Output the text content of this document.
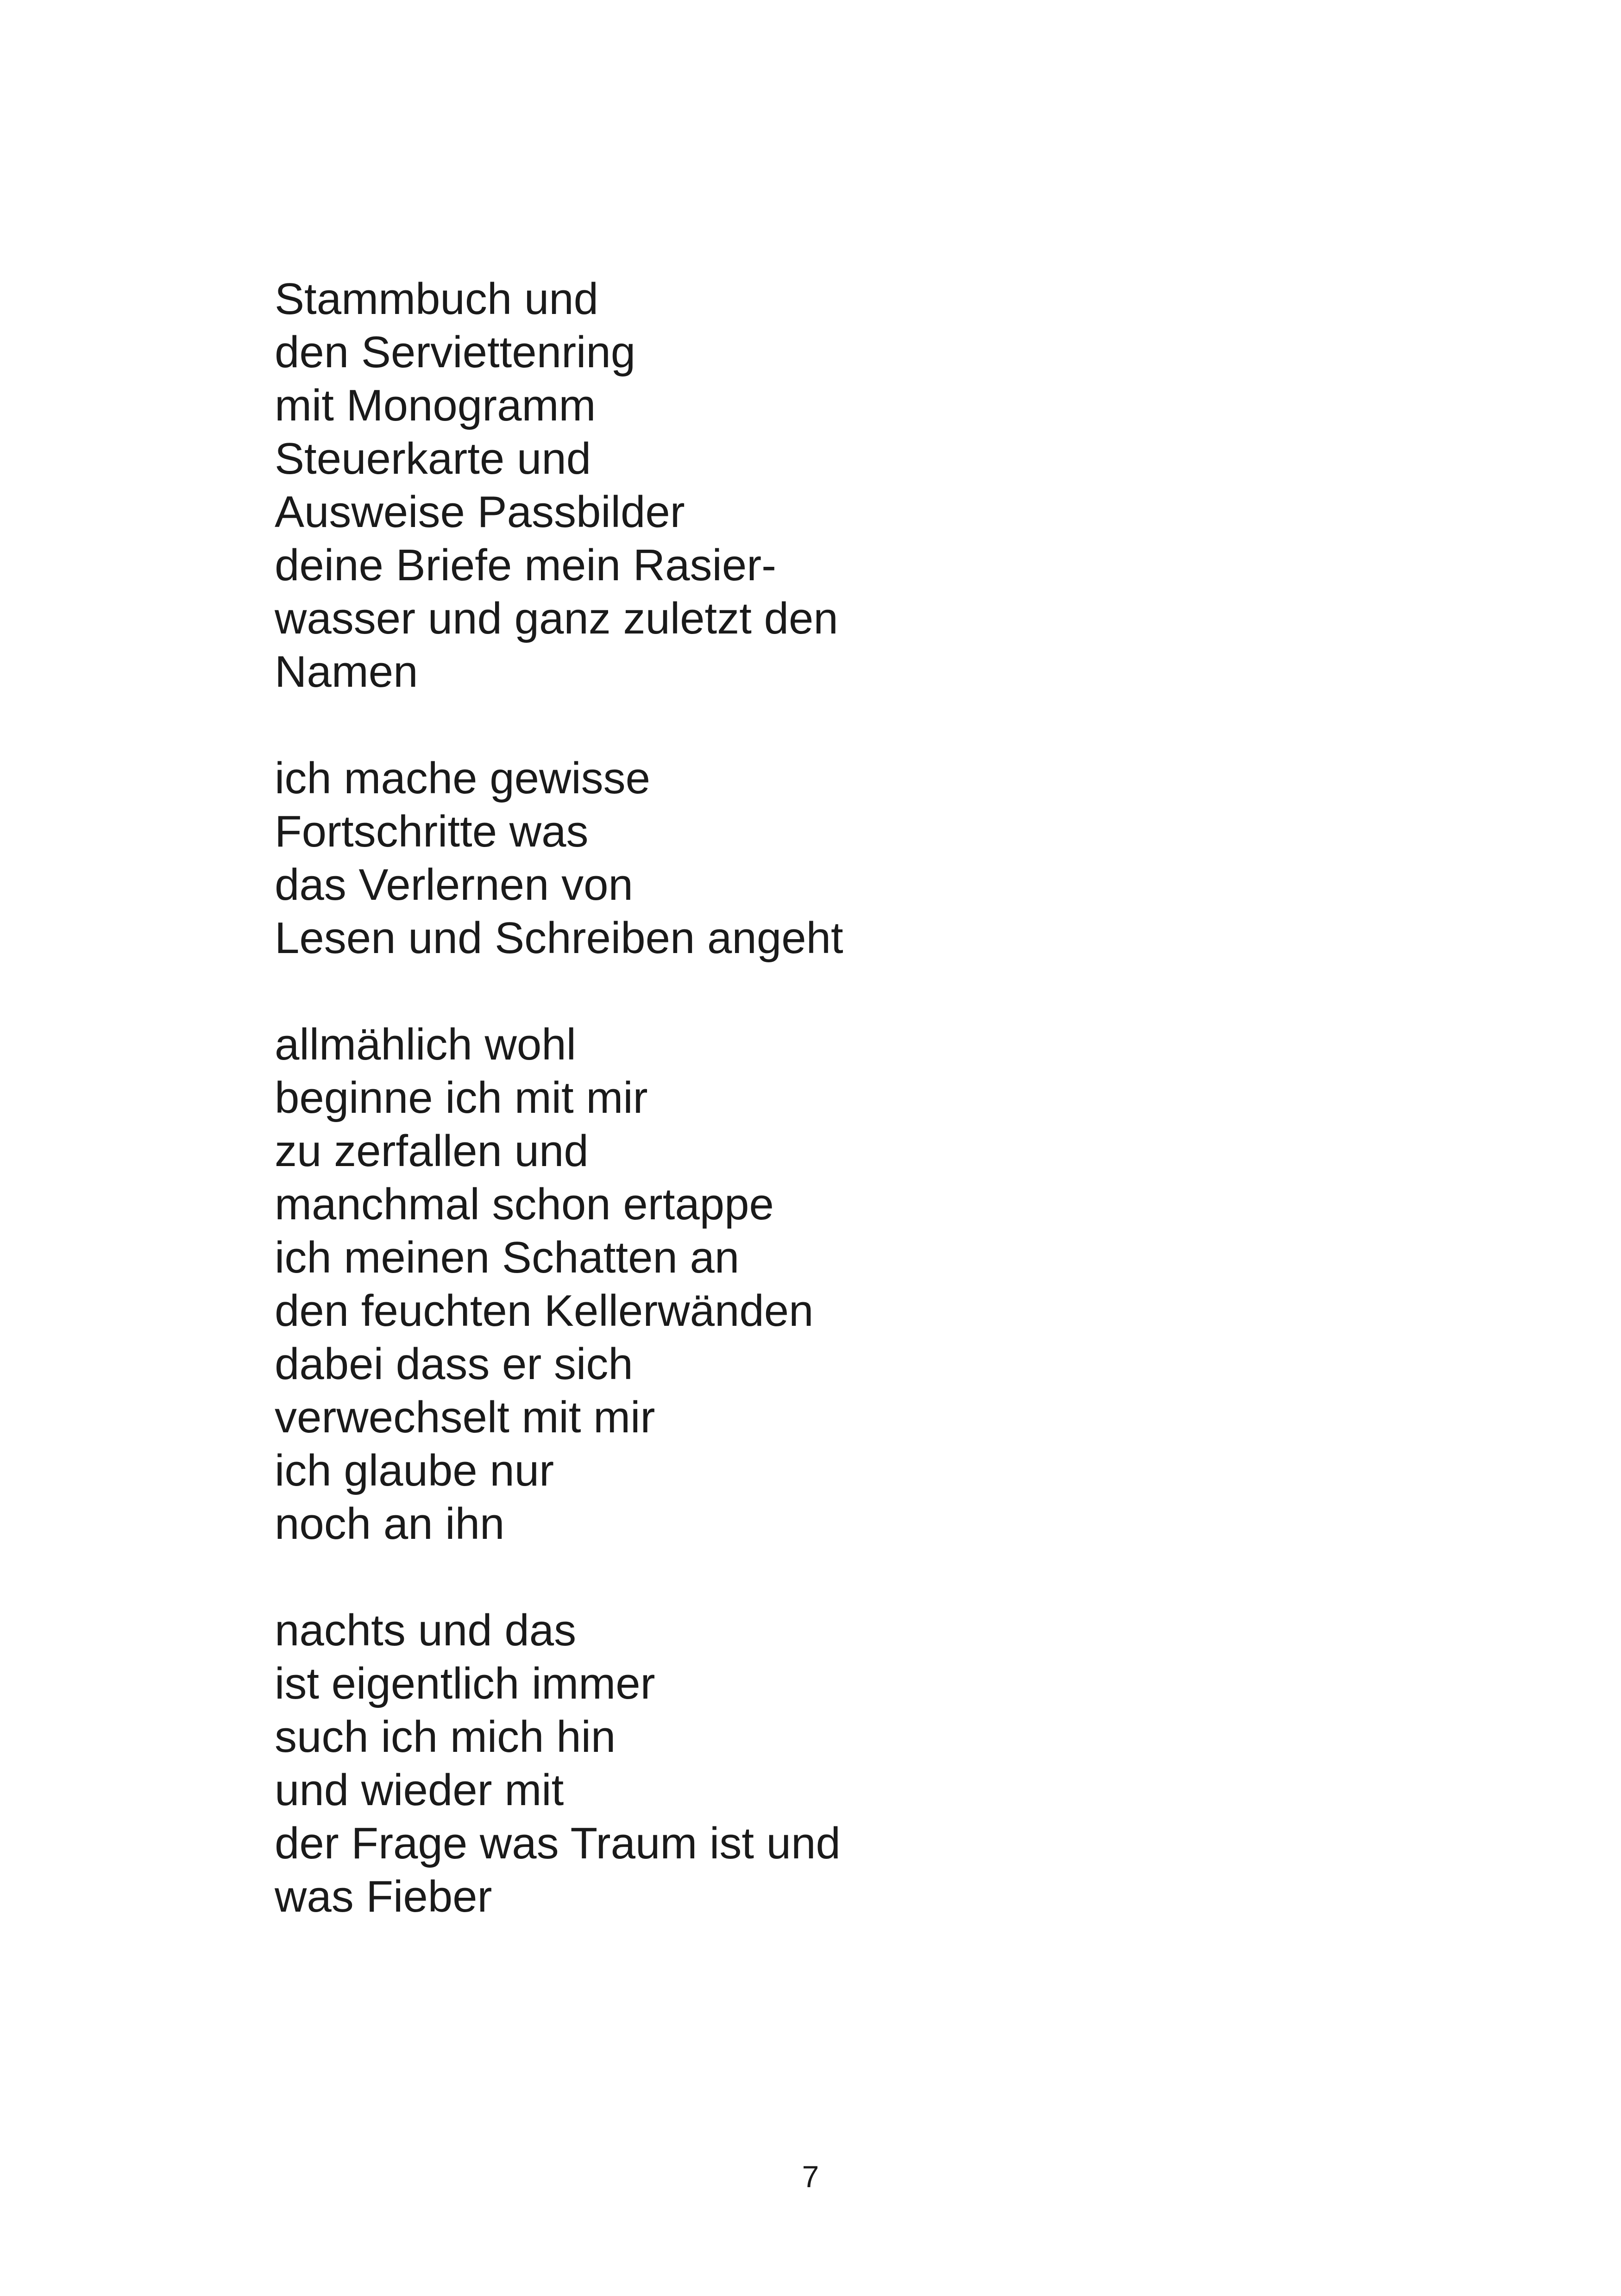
Stammbuch und
den Serviettenring
mit Monogramm
Steuerkarte und
Ausweise Passbilder
deine Briefe mein Rasier-
wasser und ganz zuletzt den
Namen
ich mache gewisse
Fortschritte was
das Verlernen von
Lesen und Schreiben angeht
allmählich wohl
beginne ich mit mir
zu zerfallen und
manchmal schon ertappe
ich meinen Schatten an
den feuchten Kellerwänden
dabei dass er sich
verwechselt mit mir
ich glaube nur
noch an ihn
nachts und das
ist eigentlich immer
such ich mich hin
und wieder mit
der Frage was Traum ist und
was Fieber
7
